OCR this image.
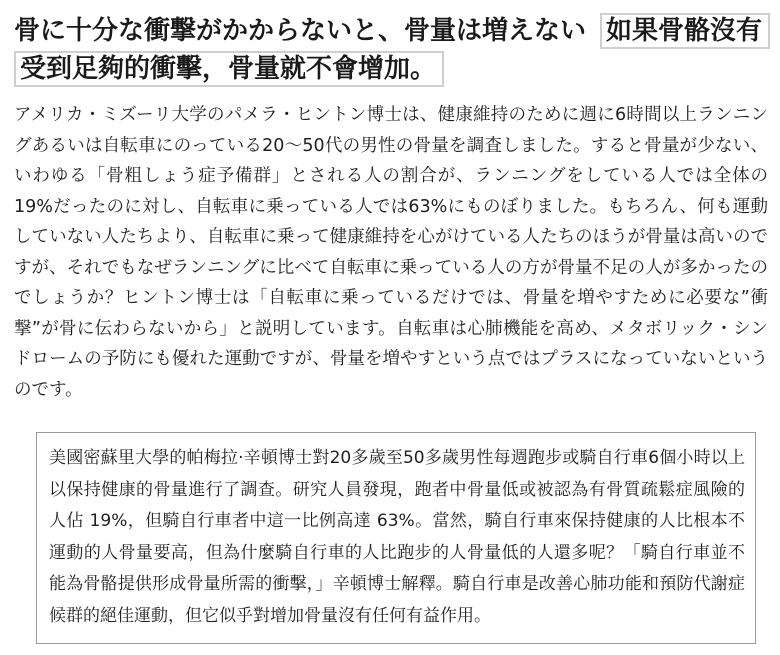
骨に十分な衝撃がかからないと、骨量は増えない 如果骨骼沒有受到足夠的衝擊，骨量就不會增加。

アメリカ・ミズーリ大学のパメラ・ヒントン博士は、健康維持のために週に6時間以上ランニングあるいは自転車にのっている20～50代の男性の骨量を調査しました。すると骨量が少ない、いわゆる「骨粗しょう症予備群」とされる人の割合が、ランニングをしている人では全体の19%だったのに対し、自転車に乗っている人では63%にものぼりました。もちろん、何も運動していない人たちより、自転車に乗って健康維持を心がけている人たちのほうが骨量は高いのですが、それでもなぜランニングに比べて自転車に乗っている人の方が骨量不足の人が多かったのでしょうか？ヒントン博士は「自転車に乗っているだけでは、骨量を増やすために必要な”衝撃”が骨に伝わらないから」と説明しています。自転車は心肺機能を高め、メタボリック・シンドロームの予防にも優れた運動ですが、骨量を増やすという点ではプラスになっていないというのです。

美國密蘇里大學的帕梅拉·辛頓博士對20多歲至50多歲男性每週跑步或騎自行車6個小時以上以保持健康的骨量進行了調查。研究人員發現，跑者中骨量低或被認為有骨質疏鬆症風險的人佔 19%，但騎自行車者中這一比例高達 63%。當然，騎自行車來保持健康的人比根本不運動的人骨量要高，但為什麼騎自行車的人比跑步的人骨量低的人還多呢？「騎自行車並不能為骨骼提供形成骨量所需的衝擊，」辛頓博士解釋。騎自行車是改善心肺功能和預防代謝症候群的絕佳運動，但它似乎對增加骨量沒有任何有益作用。
